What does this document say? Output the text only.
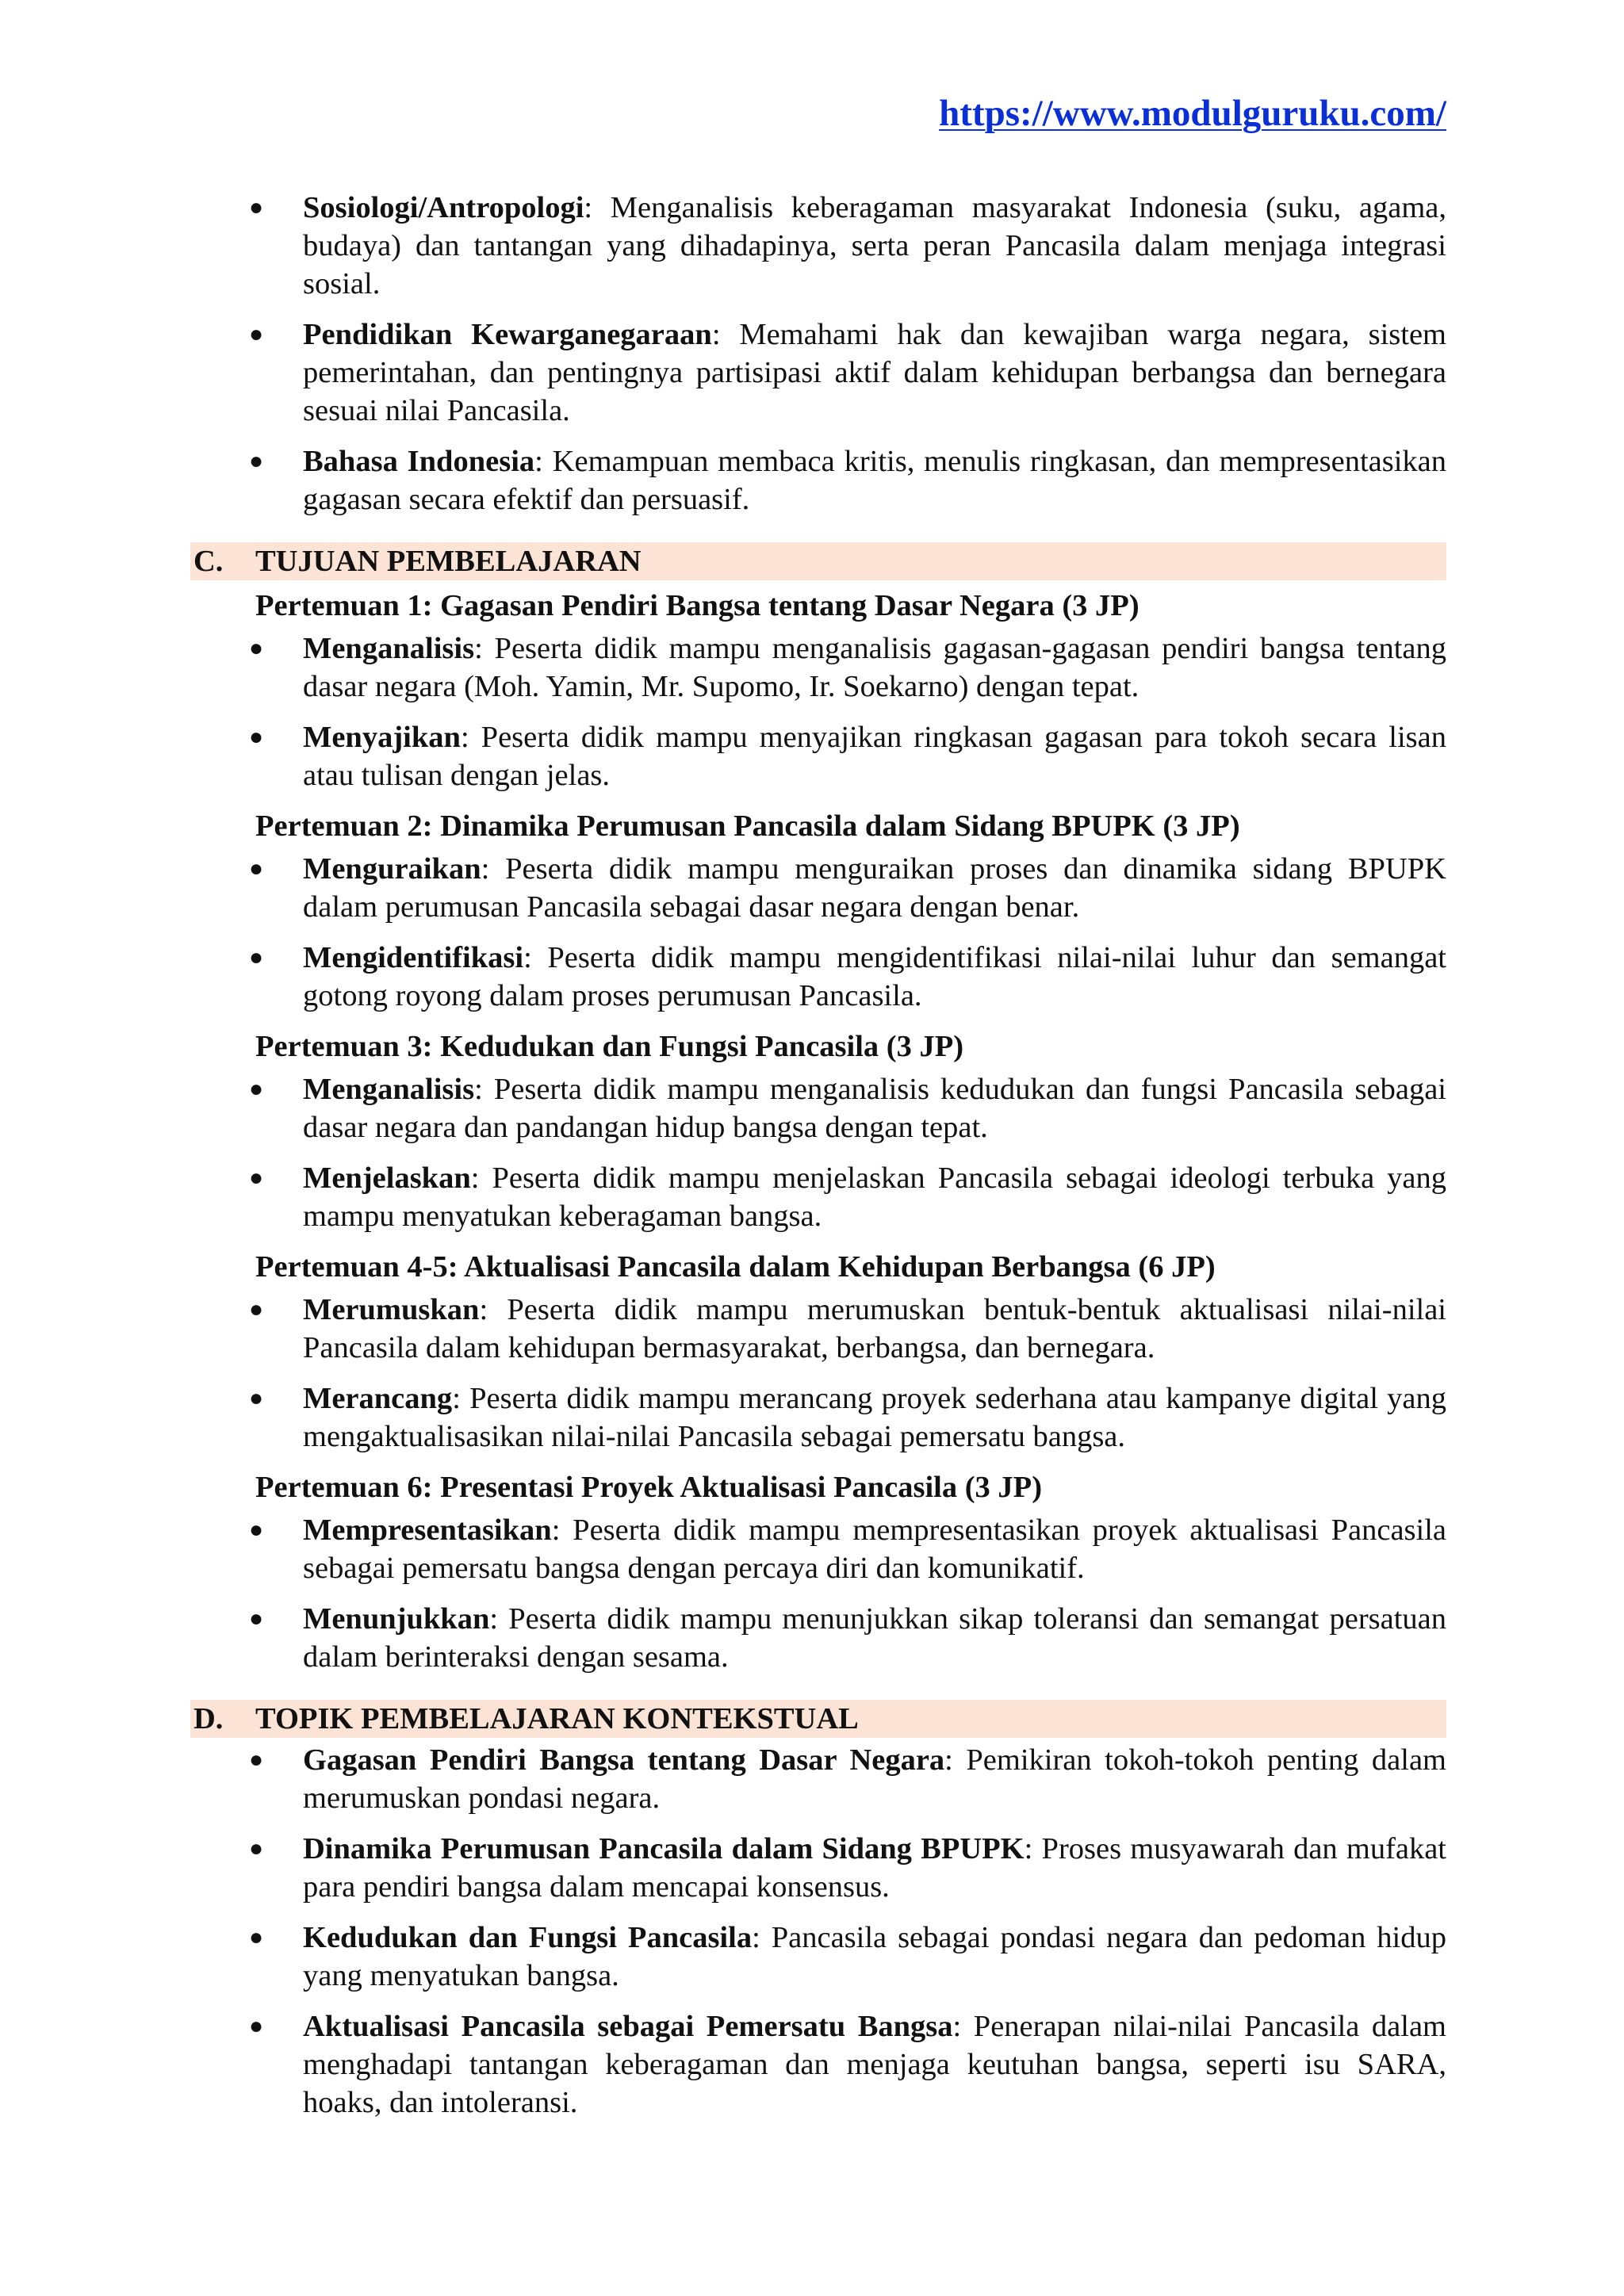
https://www.modulguruku.com/
● Sosiologi/Antropologi: Menganalisis keberagaman masyarakat Indonesia (suku, agama, budaya) dan tantangan yang dihadapinya, serta peran Pancasila dalam menjaga integrasi sosial.
● Pendidikan Kewarganegaraan: Memahami hak dan kewajiban warga negara, sistem pemerintahan, dan pentingnya partisipasi aktif dalam kehidupan berbangsa dan bernegara sesuai nilai Pancasila.
● Bahasa Indonesia: Kemampuan membaca kritis, menulis ringkasan, dan mempresentasikan gagasan secara efektif dan persuasif.
C. TUJUAN PEMBELAJARAN
Pertemuan 1: Gagasan Pendiri Bangsa tentang Dasar Negara (3 JP)
● Menganalisis: Peserta didik mampu menganalisis gagasan-gagasan pendiri bangsa tentang dasar negara (Moh. Yamin, Mr. Supomo, Ir. Soekarno) dengan tepat.
● Menyajikan: Peserta didik mampu menyajikan ringkasan gagasan para tokoh secara lisan atau tulisan dengan jelas.
Pertemuan 2: Dinamika Perumusan Pancasila dalam Sidang BPUPK (3 JP)
● Menguraikan: Peserta didik mampu menguraikan proses dan dinamika sidang BPUPK dalam perumusan Pancasila sebagai dasar negara dengan benar.
● Mengidentifikasi: Peserta didik mampu mengidentifikasi nilai-nilai luhur dan semangat gotong royong dalam proses perumusan Pancasila.
Pertemuan 3: Kedudukan dan Fungsi Pancasila (3 JP)
● Menganalisis: Peserta didik mampu menganalisis kedudukan dan fungsi Pancasila sebagai dasar negara dan pandangan hidup bangsa dengan tepat.
● Menjelaskan: Peserta didik mampu menjelaskan Pancasila sebagai ideologi terbuka yang mampu menyatukan keberagaman bangsa.
Pertemuan 4-5: Aktualisasi Pancasila dalam Kehidupan Berbangsa (6 JP)
● Merumuskan: Peserta didik mampu merumuskan bentuk-bentuk aktualisasi nilai-nilai Pancasila dalam kehidupan bermasyarakat, berbangsa, dan bernegara.
● Merancang: Peserta didik mampu merancang proyek sederhana atau kampanye digital yang mengaktualisasikan nilai-nilai Pancasila sebagai pemersatu bangsa.
Pertemuan 6: Presentasi Proyek Aktualisasi Pancasila (3 JP)
● Mempresentasikan: Peserta didik mampu mempresentasikan proyek aktualisasi Pancasila sebagai pemersatu bangsa dengan percaya diri dan komunikatif.
● Menunjukkan: Peserta didik mampu menunjukkan sikap toleransi dan semangat persatuan dalam berinteraksi dengan sesama.
D. TOPIK PEMBELAJARAN KONTEKSTUAL
● Gagasan Pendiri Bangsa tentang Dasar Negara: Pemikiran tokoh-tokoh penting dalam merumuskan pondasi negara.
● Dinamika Perumusan Pancasila dalam Sidang BPUPK: Proses musyawarah dan mufakat para pendiri bangsa dalam mencapai konsensus.
● Kedudukan dan Fungsi Pancasila: Pancasila sebagai pondasi negara dan pedoman hidup yang menyatukan bangsa.
● Aktualisasi Pancasila sebagai Pemersatu Bangsa: Penerapan nilai-nilai Pancasila dalam menghadapi tantangan keberagaman dan menjaga keutuhan bangsa, seperti isu SARA, hoaks, dan intoleransi.
